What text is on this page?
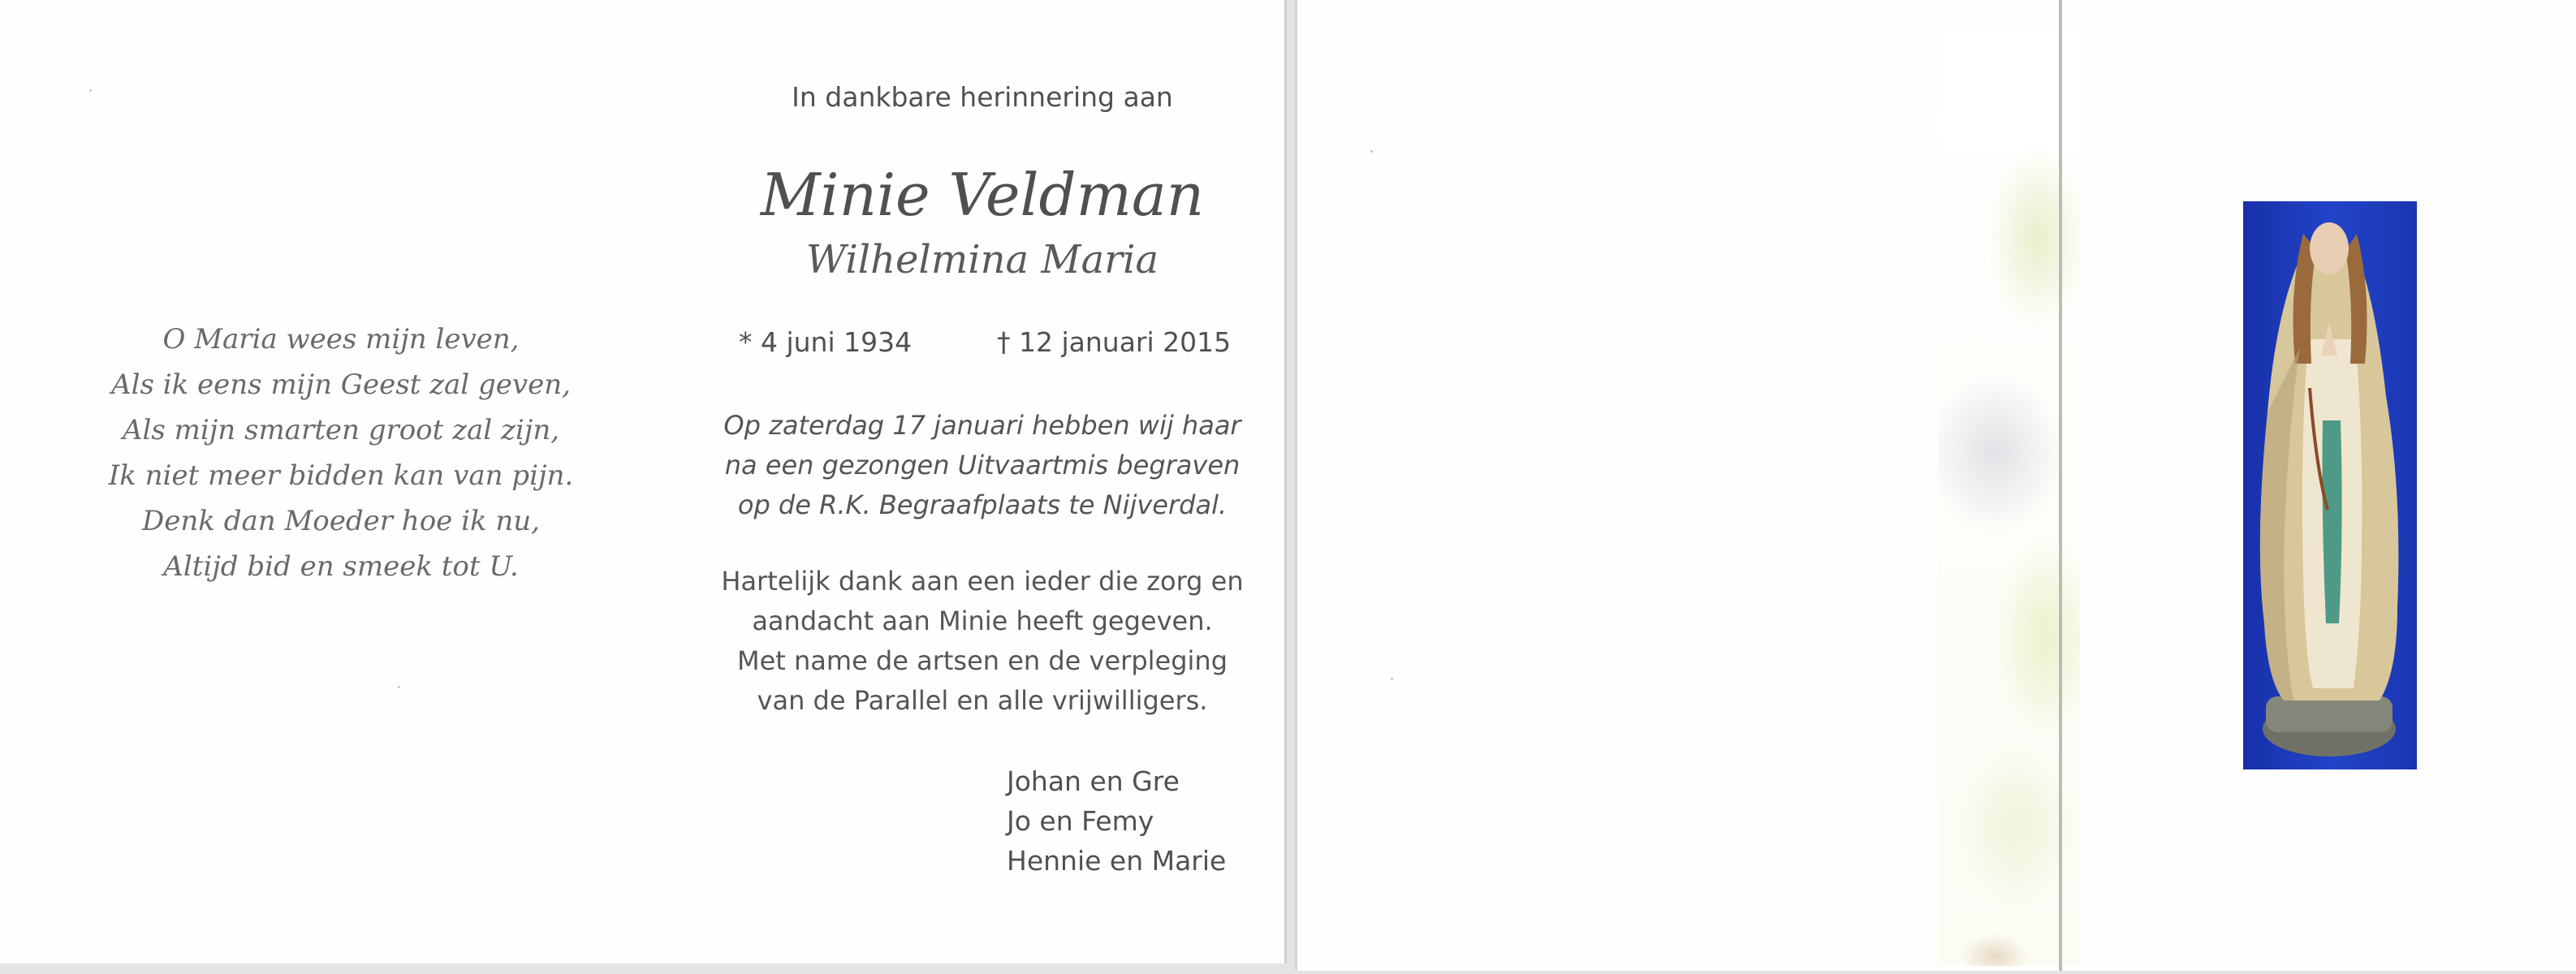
O Maria wees mijn leven,
Als ik eens mijn Geest zal geven,
Als mijn smarten groot zal zijn,
Ik niet meer bidden kan van pijn.
Denk dan Moeder hoe ik nu,
Altijd bid en smeek tot U.
In dankbare herinnering aan
Minie Veldman
Wilhelmina Maria
* 4 juni 1934	† 12 januari 2015
Op zaterdag 17 januari hebben wij haar
na een gezongen Uitvaartmis begraven
op de R.K. Begraafplaats te Nijverdal.
Hartelijk dank aan een ieder die zorg en
aandacht aan Minie heeft gegeven.
Met name de artsen en de verpleging
van de Parallel en alle vrijwilligers.
Johan en Gre
Jo en Femy
Hennie en Marie
